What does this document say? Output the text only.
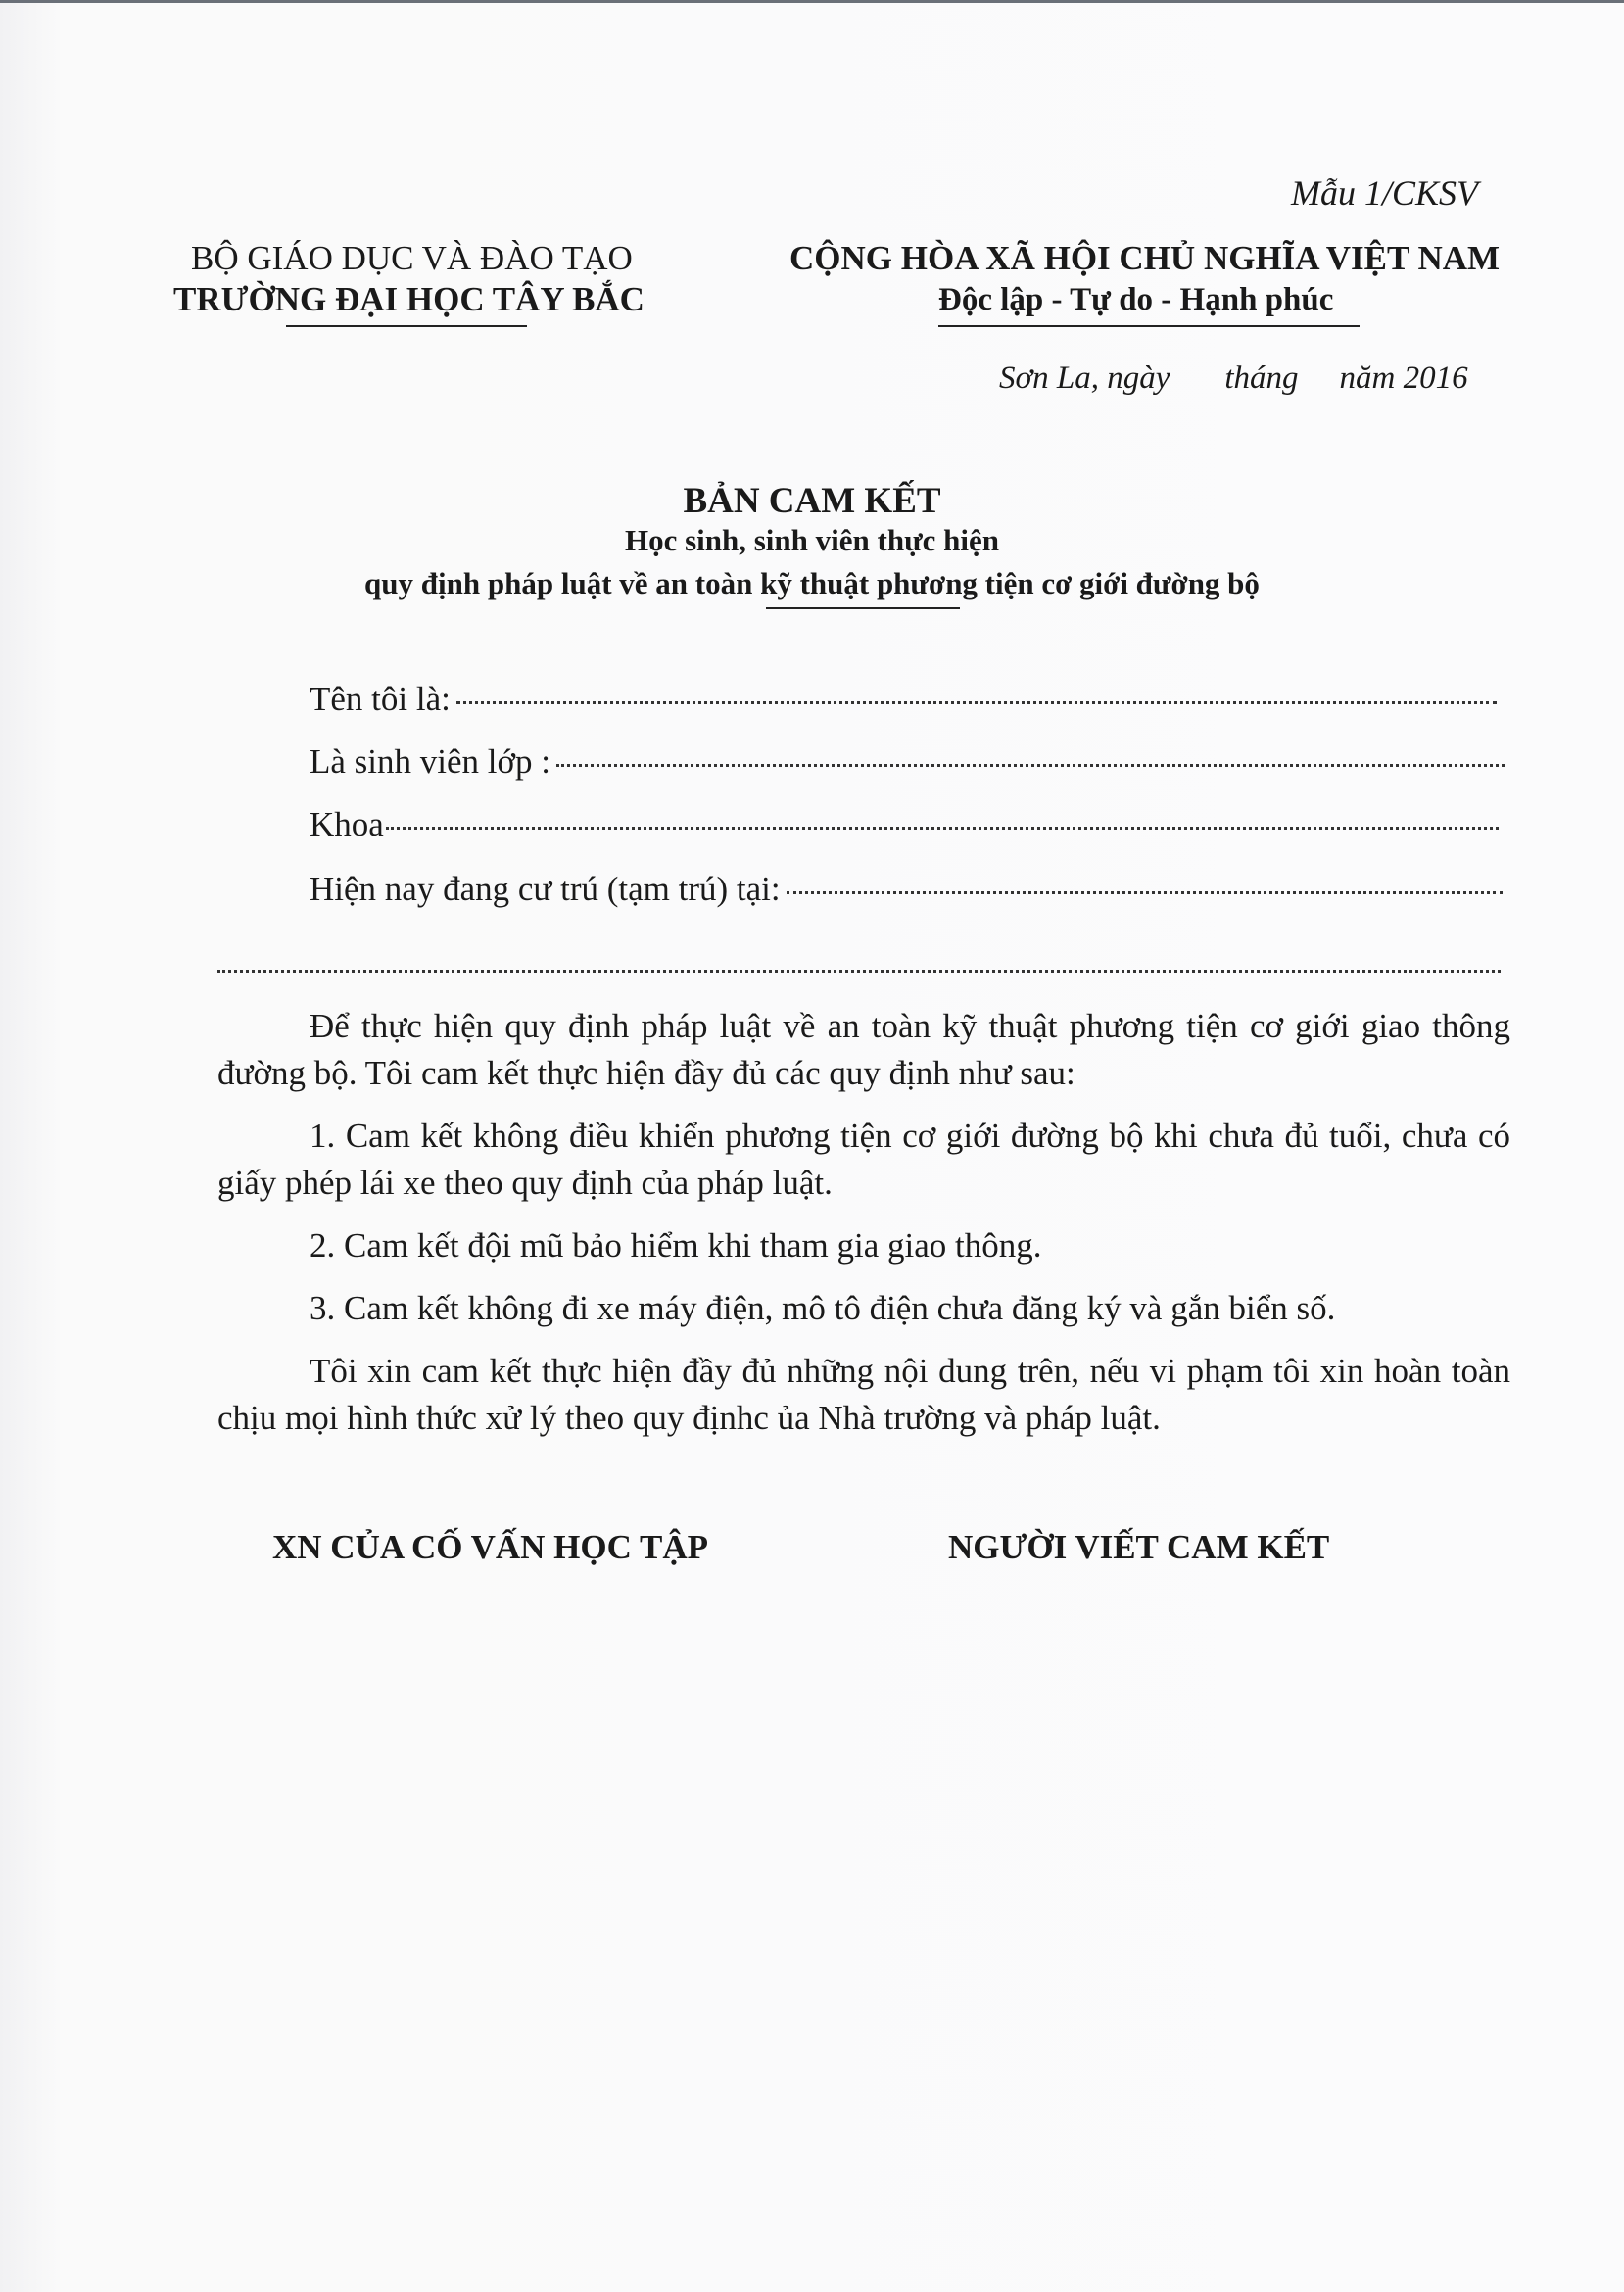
Mẫu 1/CKSV
BỘ GIÁO DỤC VÀ ĐÀO TẠO
TRƯỜNG ĐẠI HỌC TÂY BẮC
CỘNG HÒA XÃ HỘI CHỦ NGHĨA VIỆT NAM
Độc lập - Tự do - Hạnh phúc
Sơn La, ngày tháng năm 2016
BẢN CAM KẾT
Học sinh, sinh viên thực hiện
quy định pháp luật về an toàn kỹ thuật phương tiện cơ giới đường bộ
Tên tôi là:
Là sinh viên lớp :
Khoa
Hiện nay đang cư trú (tạm trú) tại:

Để thực hiện quy định pháp luật về an toàn kỹ thuật phương tiện cơ giới giao thông đường bộ. Tôi cam kết thực hiện đầy đủ các quy định như sau:

1. Cam kết không điều khiển phương tiện cơ giới đường bộ khi chưa đủ tuổi, chưa có giấy phép lái xe theo quy định của pháp luật.

2. Cam kết đội mũ bảo hiểm khi tham gia giao thông.

3. Cam kết không đi xe máy điện, mô tô điện chưa đăng ký và gắn biển số.

Tôi xin cam kết thực hiện đầy đủ những nội dung trên, nếu vi phạm tôi xin hoàn toàn chịu mọi hình thức xử lý theo quy địnhc ủa Nhà trường và pháp luật.

XN CỦA CỐ VẤN HỌC TẬP	NGƯỜI VIẾT CAM KẾT
